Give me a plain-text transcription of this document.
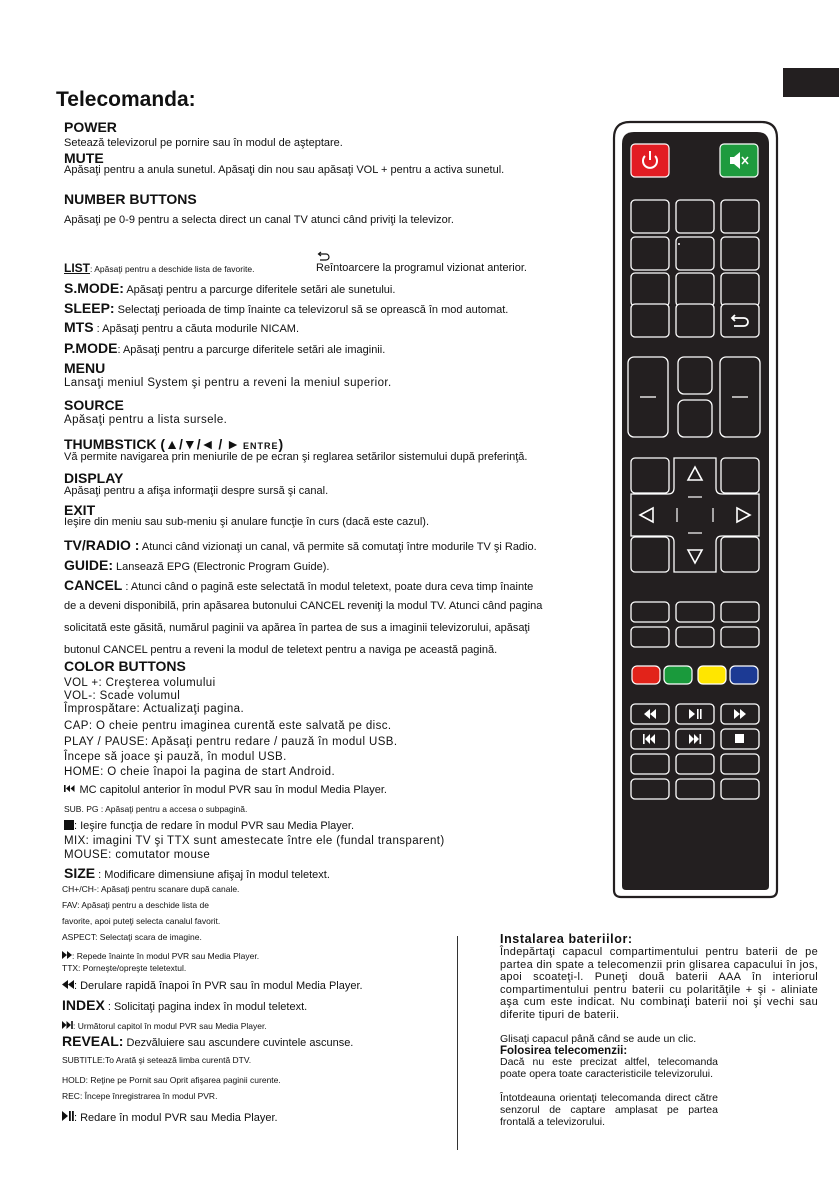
Telecomanda:
POWER
Setează televizorul pe pornire sau în modul de aşteptare.
MUTE
Apăsaţi pentru a anula sunetul. Apăsaţi din nou sau apăsaţi VOL + pentru a activa sunetul.
NUMBER BUTTONS
Apăsaţi pe 0-9 pentru a selecta direct un canal TV atunci când priviţi la televizor.
LIST: Apăsaţi pentru a deschide lista de favorite.	Reîntoarcere la programul vizionat anterior.
S.MODE: Apăsaţi pentru a parcurge diferitele setări ale sunetului.
SLEEP: Selectaţi perioada de timp înainte ca televizorul să se oprească în mod automat.
MTS : Apăsaţi pentru a căuta modurile NICAM.
P.MODE: Apăsaţi pentru a parcurge diferitele setări ale imaginii.
MENU
Lansaţi meniul System şi pentru a reveni la meniul superior.
SOURCE
Apăsaţi pentru a lista sursele.
THUMBSTICK (▲/▼/◄ / ► ENTRE)
Vă permite navigarea prin meniurile de pe ecran şi reglarea setărilor sistemului după preferinţă.
DISPLAY
Apăsaţi pentru a afişa informaţii despre sursă şi canal.
EXIT
Ieşire din meniu sau sub-meniu şi anulare funcţie în curs (dacă este cazul).
TV/RADIO : Atunci când vizionaţi un canal, vă permite să comutaţi între modurile TV şi Radio.
GUIDE: Lansează EPG (Electronic Program Guide).
CANCEL : Atunci când o pagină este selectată în modul teletext, poate dura ceva timp înainte
de a deveni disponibilă, prin apăsarea butonului CANCEL reveniţi la modul TV. Atunci când pagina
solicitată este găsită, numărul paginii va apărea în partea de sus a imaginii televizorului, apăsaţi
butonul CANCEL pentru a reveni la modul de teletext pentru a naviga pe această pagină.
COLOR BUTTONS
VOL +: Creşterea volumului
VOL-: Scade volumul
Împrospătare: Actualizaţi pagina.
CAP: O cheie pentru imaginea curentă este salvată pe disc.
PLAY / PAUSE: Apăsaţi pentru redare / pauză în modul USB.
Începe să joace şi pauză, în modul USB.
HOME: O cheie înapoi la pagina de start Android.
MC capitolul anterior în modul PVR sau în modul Media Player.
SUB. PG : Apăsaţi pentru a accesa o subpagină.
: Ieşire funcţia de redare în modul PVR sau Media Player.
MIX: imagini TV şi TTX sunt amestecate între ele (fundal transparent)
MOUSE: comutator mouse
SIZE : Modificare dimensiune afişaj în modul teletext.
CH+/CH-: Apăsaţi pentru scanare după canale.
FAV: Apăsaţi pentru a deschide lista de
favorite, apoi puteţi selecta canalul favorit.
ASPECT: Selectaţi scara de imagine.
: Repede înainte în modul PVR sau Media Player.
TTX: Porneşte/opreşte teletextul.
: Derulare rapidă înapoi în PVR sau în modul Media Player.
INDEX : Solicitaţi pagina index în modul teletext.
: Următorul capitol în modul PVR sau Media Player.
REVEAL: Dezvăluiere sau ascundere cuvintele ascunse.
SUBTITLE:To Arată şi setează limba curentă DTV.
HOLD: Reţine pe Pornit sau Oprit afişarea paginii curente.
REC: Începe înregistrarea în modul PVR.
: Redare în modul PVR sau Media Player.
Instalarea bateriilor:
Îndepărtaţi capacul compartimentului pentru baterii de pe partea din spate a telecomenzii prin glisarea capacului în jos, apoi scoateţi-l. Puneţi două baterii AAA în interiorul compartimentului pentru baterii cu polarităţile + şi - aliniate aşa cum este indicat. Nu combinaţi baterii noi şi vechi sau diferite tipuri de baterii.
Glisaţi capacul până când se aude un clic.
Folosirea telecomenzii:
Dacă nu este precizat altfel, telecomanda poate opera toate caracteristicile televizorului.
Întotdeauna orientaţi telecomanda direct către senzorul de captare amplasat pe partea frontală a televizorului.
